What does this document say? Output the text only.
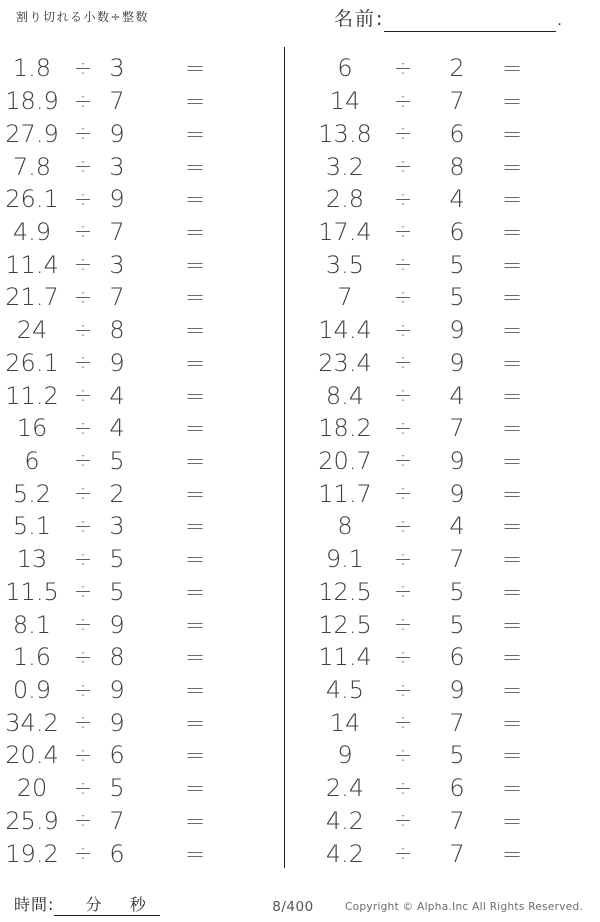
割り切れる小数÷整数	名前:	.
1.8	÷ 3	=
18.9 ÷ 7	=
27.9 ÷ 9	=
7.8	÷ 3	=
26.1 ÷ 9	=
4.9	÷ 7	=
11.4 ÷ 3	=
21.7 ÷ 7	=
24	÷ 8	=
26.1 ÷ 9	=
11.2 ÷ 4	=
16	÷ 4	=
6	÷ 5	=
5.2	÷ 2	=
5.1	÷ 3	=
13	÷ 5	=
11.5 ÷ 5	=
8.1	÷ 9	=
1.6	÷ 8	=
0.9	÷ 9	=
34.2 ÷ 9	=
20.4 ÷ 6	=
20	÷ 5	=
25.9 ÷ 7	=
19.2 ÷ 6	=
6	÷	2	=
14	÷	7	=
13.8	÷	6	=
3.2	÷	8	=
2.8	÷	4	=
17.4	÷	6	=
3.5	÷	5	=
7	÷	5	=
14.4	÷	9	=
23.4	÷	9	=
8.4	÷	4	=
18.2	÷	7	=
20.7	÷	9	=
11.7	÷	9	=
8	÷	4	=
9.1	÷	7	=
12.5	÷	5	=
12.5	÷	5	=
11.4	÷	6	=
4.5	÷	9	=
14	÷	7	=
9	÷	5	=
2.4	÷	6	=
4.2	÷	7	=
4.2	÷	7	=
時間: 分 秒	8/400	Copyright © Alpha.Inc All Rights Reserved.
